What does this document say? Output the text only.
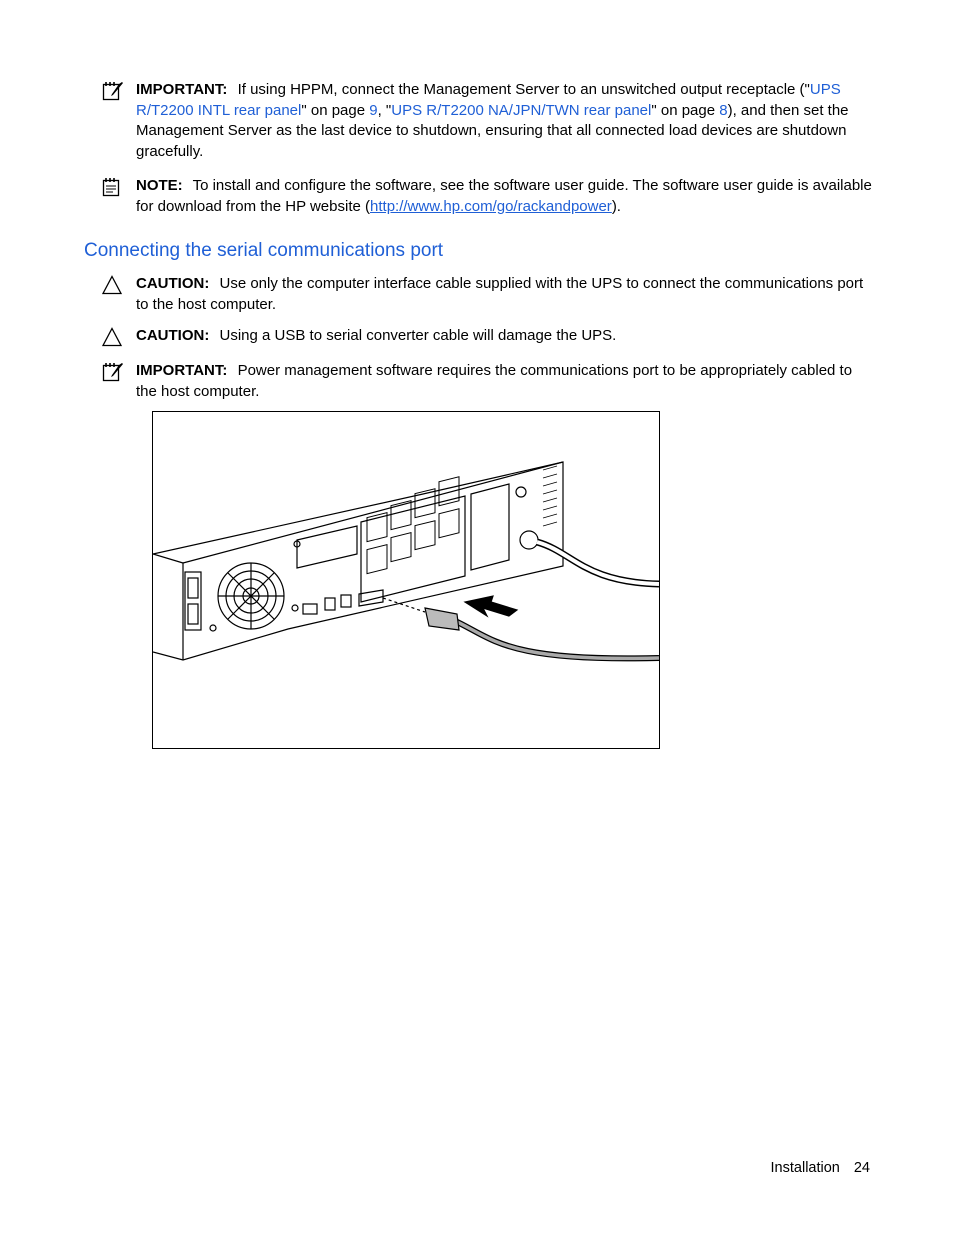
IMPORTANT: If using HPPM, connect the Management Server to an unswitched output receptacle ("UPS R/T2200 INTL rear panel" on page 9, "UPS R/T2200 NA/JPN/TWN rear panel" on page 8), and then set the Management Server as the last device to shutdown, ensuring that all connected load devices are shutdown gracefully.
NOTE: To install and configure the software, see the software user guide. The software user guide is available for download from the HP website (http://www.hp.com/go/rackandpower).
Connecting the serial communications port
CAUTION: Use only the computer interface cable supplied with the UPS to connect the communications port to the host computer.
CAUTION: Using a USB to serial converter cable will damage the UPS.
IMPORTANT: Power management software requires the communications port to be appropriately cabled to the host computer.
Installation 24
